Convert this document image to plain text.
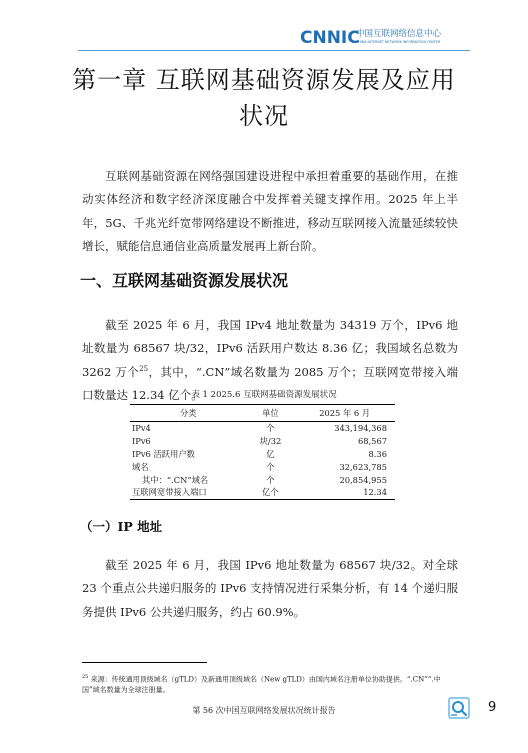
CNNIC
中国互联网络信息中心
CHINA INTERNET NETWORK INFORMATION CENTER
第一章 互联网基础资源发展及应用
状况

互联网基础资源在网络强国建设进程中承担着重要的基础作用，在推动实体经济和数字经济深度融合中发挥着关键支撑作用。2025 年上半年，5G、千兆光纤宽带网络建设不断推进，移动互联网接入流量延续较快增长，赋能信息通信业高质量发展再上新台阶。

一、互联网基础资源发展状况

截至 2025 年 6 月，我国 IPv4 地址数量为 34319 万个，IPv6 地址数量为 68567 块/32，IPv6 活跃用户数达 8.36 亿；我国域名总数为 3262 万个$^{25}$，其中，“.CN”域名数量为 2085 万个；互联网宽带接入端口数量达 12.34 亿个。

表 1 2025.6 互联网基础资源发展状况
分类	单位	2025 年 6 月
IPv4	个	343,194,368
IPv6	块/32	68,567
IPv6 活跃用户数	亿	8.36
域名	个	32,623,785
其中：“.CN”域名	个	20,854,955
互联网宽带接入端口	亿个	12.34
（一）IP 地址

截至 2025 年 6 月，我国 IPv6 地址数量为 68567 块/32。对全球 23 个重点公共递归服务的 IPv6 支持情况进行采集分析，有 14 个递归服务提供 IPv6 公共递归服务，约占 60.9%。

$^{25}$ 来源：传统通用顶级域名（gTLD）及新通用顶级域名（New gTLD）由国内域名注册单位协助提供。“.CN”“.中国”域名数量为全球注册量。

第 56 次中国互联网络发展状况统计报告	9
